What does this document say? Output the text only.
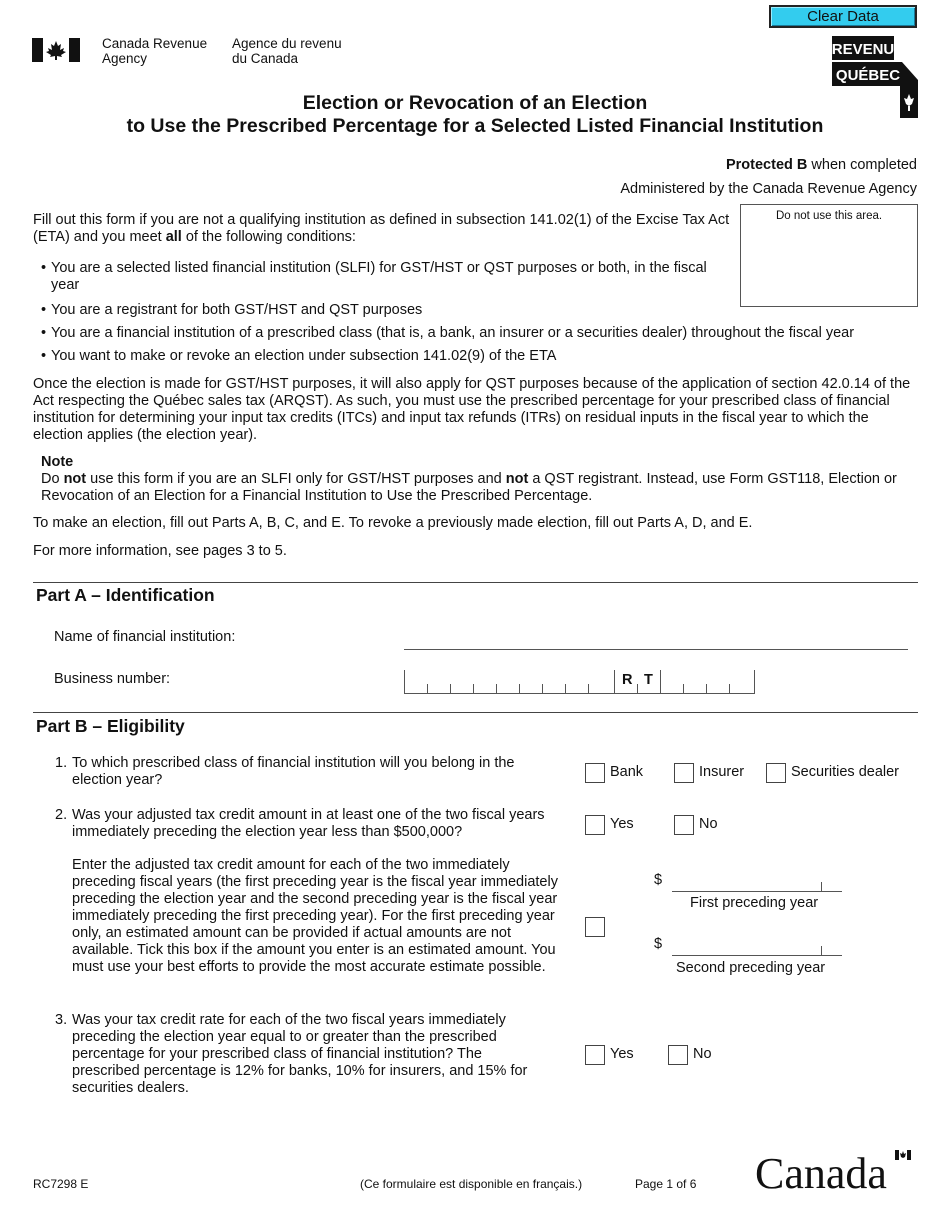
Clear Data
Canada Revenue
Agency
Agence du revenu
du Canada
REVENU
QUÉBEC
Election or Revocation of an Election
to Use the Prescribed Percentage for a Selected Listed Financial Institution
Protected B when completed
Administered by the Canada Revenue Agency
Do not use this area.
Fill out this form if you are not a qualifying institution as defined in subsection 141.02(1) of the Excise Tax Act (ETA) and you meet all of the following conditions:
• You are a selected listed financial institution (SLFI) for GST/HST or QST purposes or both, in the fiscal year
• You are a registrant for both GST/HST and QST purposes
• You are a financial institution of a prescribed class (that is, a bank, an insurer or a securities dealer) throughout the fiscal year
• You want to make or revoke an election under subsection 141.02(9) of the ETA
Once the election is made for GST/HST purposes, it will also apply for QST purposes because of the application of section 42.0.14 of the Act respecting the Québec sales tax (ARQST). As such, you must use the prescribed percentage for your prescribed class of financial institution for determining your input tax credits (ITCs) and input tax refunds (ITRs) on residual inputs in the fiscal year to which the election applies (the election year).
Note
Do not use this form if you are an SLFI only for GST/HST purposes and not a QST registrant. Instead, use Form GST118, Election or Revocation of an Election for a Financial Institution to Use the Prescribed Percentage.
To make an election, fill out Parts A, B, C, and E. To revoke a previously made election, fill out Parts A, D, and E.
For more information, see pages 3 to 5.
Part A – Identification
Name of financial institution:
Business number:	R T
Part B – Eligibility
1. To which prescribed class of financial institution will you belong in the election year?	Bank	Insurer	Securities dealer
2. Was your adjusted tax credit amount in at least one of the two fiscal years immediately preceding the election year less than $500,000?	Yes	No
Enter the adjusted tax credit amount for each of the two immediately preceding fiscal years (the first preceding year is the fiscal year immediately preceding the election year and the second preceding year is the fiscal year immediately preceding the first preceding year). For the first preceding year only, an estimated amount can be provided if actual amounts are not available. Tick this box if the amount you enter is an estimated amount. You must use your best efforts to provide the most accurate estimate possible.
$
First preceding year
$
Second preceding year
3. Was your tax credit rate for each of the two fiscal years immediately preceding the election year equal to or greater than the prescribed percentage for your prescribed class of financial institution? The prescribed percentage is 12% for banks, 10% for insurers, and 15% for securities dealers.
Yes	No
RC7298 E	(Ce formulaire est disponible en français.)	Page 1 of 6 Canada
